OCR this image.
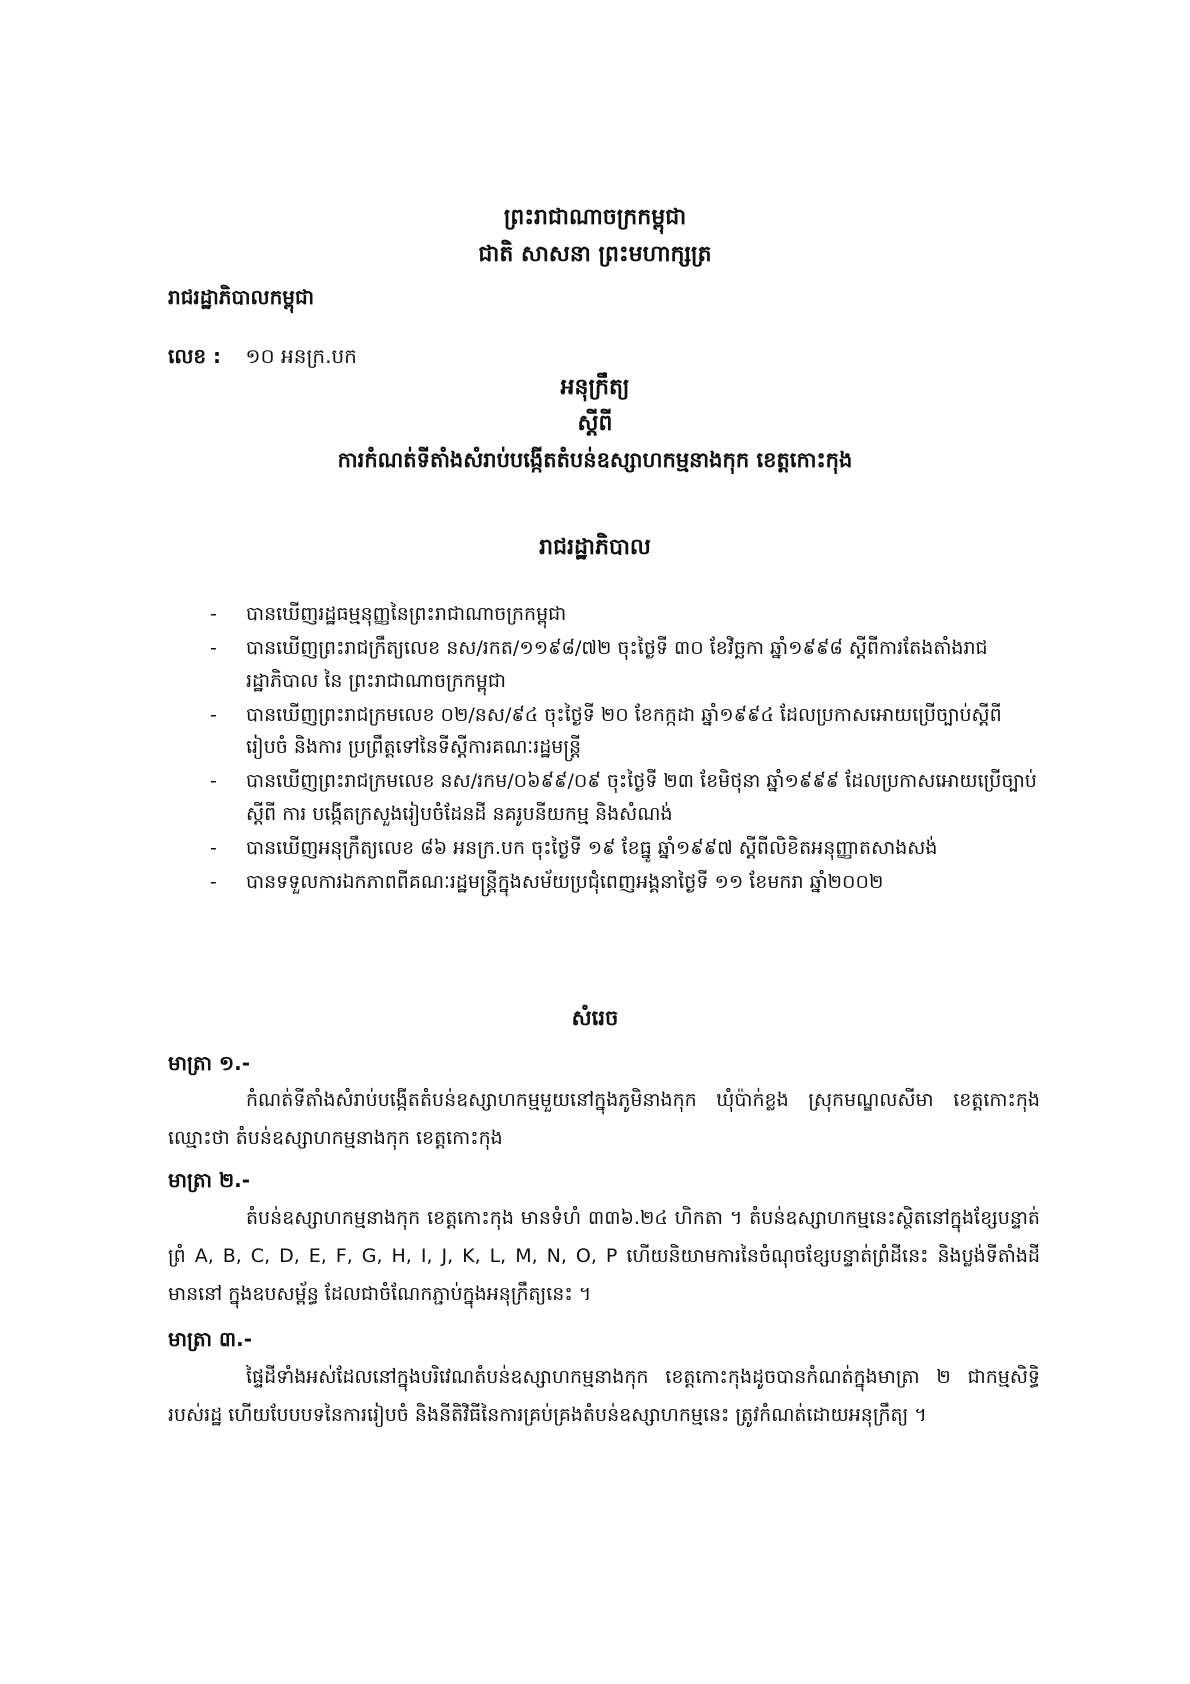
ព្រះរាជាណាចក្រកម្ពុជា
ជាតិ សាសនា ព្រះមហាក្សត្រ
រាជរដ្ឋាភិបាលកម្ពុជា
លេខ : ១០ អនក្រ.បក
អនុក្រឹត្យ
ស្តីពី
ការកំណត់ទីតាំងសំរាប់បង្កើតតំបន់ឧស្សាហកម្មនាងកុក ខេត្តកោះកុង
រាជរដ្ឋាភិបាល
- បានឃើញរដ្ឋធម្មនុញ្ញនៃព្រះរាជាណាចក្រកម្ពុជា
- បានឃើញព្រះរាជក្រឹត្យលេខ នស/រកត/១១៩៨/៧២ ចុះថ្ងៃទី ៣០ ខែវិច្ឆកា ឆ្នាំ១៩៩៨ ស្តីពីការតែងតាំងរាជរដ្ឋាភិបាល នៃ ព្រះរាជាណាចក្រកម្ពុជា
- បានឃើញព្រះរាជក្រមលេខ ០២/នស/៩៤ ចុះថ្ងៃទី ២០ ខែកក្កដា ឆ្នាំ១៩៩៤ ដែលប្រកាសអោយប្រើច្បាប់ស្តីពី រៀបចំ និងការ ប្រព្រឹត្តទៅនៃទីស្តីការគណៈរដ្ឋមន្ត្រី
- បានឃើញព្រះរាជក្រមលេខ នស/រកម/០៦៩៩/០៩ ចុះថ្ងៃទី ២៣ ខែមិថុនា ឆ្នាំ១៩៩៩ ដែលប្រកាសអោយប្រើច្បាប់ស្តីពី ការ បង្កើតក្រសួងរៀបចំដែនដី នគរូបនីយកម្ម និងសំណង់
- បានឃើញអនុក្រឹត្យលេខ ៨៦ អនក្រ.បក ចុះថ្ងៃទី ១៩ ខែធ្នូ ឆ្នាំ១៩៩៧ ស្តីពីលិខិតអនុញ្ញាតសាងសង់
- បានទទួលការឯកភាពពីគណៈរដ្ឋមន្ត្រីក្នុងសម័យប្រជុំពេញអង្គនាថ្ងៃទី ១១ ខែមករា ឆ្នាំ២០០២
សំរេច
មាត្រា ១.-
កំណត់ទីតាំងសំរាប់បង្កើតតំបន់ឧស្សាហកម្មមួយនៅក្នុងភូមិនាងកុក ឃុំប៉ាក់ខ្លង ស្រុកមណ្ឌលសីមា ខេត្តកោះកុង ឈ្មោះថា តំបន់ឧស្សាហកម្មនាងកុក ខេត្តកោះកុង
មាត្រា ២.-
តំបន់ឧស្សាហកម្មនាងកុក ខេត្តកោះកុង មានទំហំ ៣៣៦.២៤ ហិកតា ។ តំបន់ឧស្សាហកម្មនេះស្ថិតនៅក្នុងខ្សែបន្ទាត់ព្រំ A, B, C, D, E, F, G, H, I, J, K, L, M, N, O, P ហើយនិយាមការនៃចំណុចខ្សែបន្ទាត់ព្រំដីនេះ និងប្លង់ទីតាំងដីមាននៅ ក្នុងឧបសម្ព័ន្ធ ដែលជាចំណែកភ្ជាប់ក្នុងអនុក្រឹត្យនេះ ។
មាត្រា ៣.-
ផ្ទៃដីទាំងអស់ដែលនៅក្នុងបរិវេណតំបន់ឧស្សាហកម្មនាងកុក ខេត្តកោះកុងដូចបានកំណត់ក្នុងមាត្រា ២ ជាកម្មសិទ្ធិរបស់រដ្ឋ ហើយបែបបទនៃការរៀបចំ និងនីតិវិធីនៃការគ្រប់គ្រងតំបន់ឧស្សាហកម្មនេះ ត្រូវកំណត់ដោយអនុក្រឹត្យ ។
